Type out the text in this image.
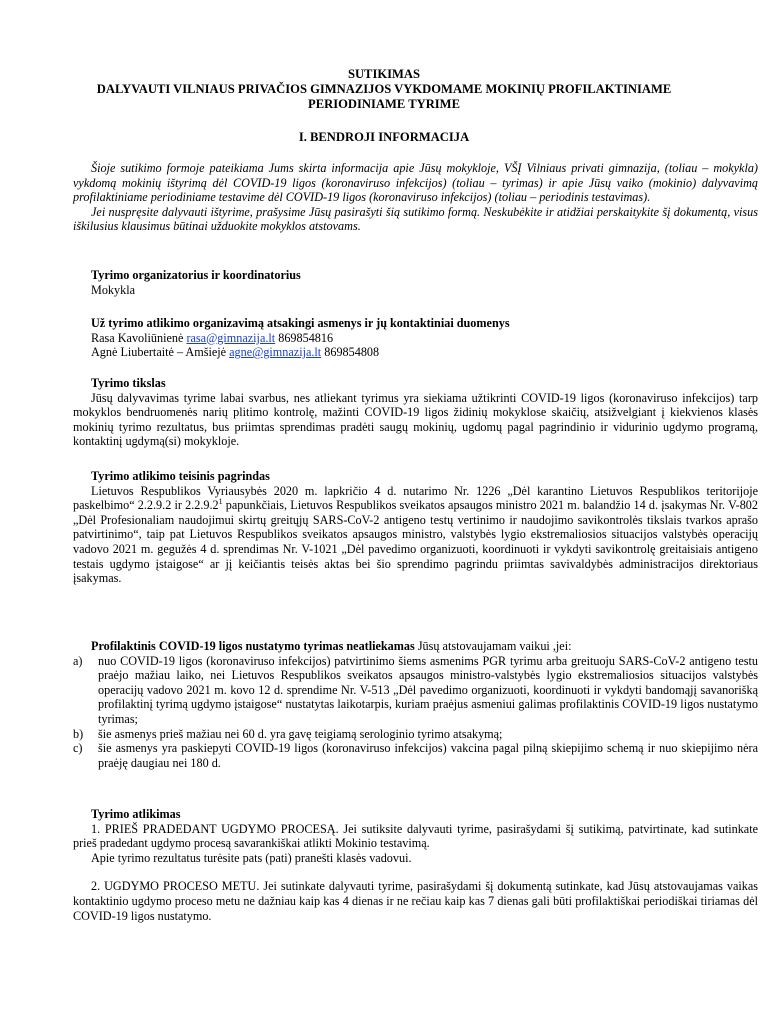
SUTIKIMAS
DALYVAUTI VILNIAUS PRIVAČIOS GIMNAZIJOS VYKDOMAME MOKINIŲ PROFILAKTINIAME
PERIODINIAME TYRIME
I. BENDROJI INFORMACIJA

Šioje sutikimo formoje pateikiama Jums skirta informacija apie Jūsų mokykloje, VŠĮ Vilniaus privati gimnazija, (toliau – mokykla) vykdomą mokinių ištyrimą dėl COVID-19 ligos (koronaviruso infekcijos) (toliau – tyrimas) ir apie Jūsų vaiko (mokinio) dalyvavimą profilaktiniame periodiniame testavime dėl COVID-19 ligos (koronaviruso infekcijos) (toliau – periodinis testavimas).

Jei nuspręsite dalyvauti ištyrime, prašysime Jūsų pasirašyti šią sutikimo formą. Neskubėkite ir atidžiai perskaitykite šį dokumentą, visus iškilusius klausimus būtinai užduokite mokyklos atstovams.

Tyrimo organizatorius ir koordinatorius

Mokykla

Už tyrimo atlikimo organizavimą atsakingi asmenys ir jų kontaktiniai duomenys

Rasa Kavoliūnienė rasa@gimnazija.lt 869854816

Agnė Liubertaitė – Amšiejė agne@gimnazija.lt 869854808

Tyrimo tikslas

Jūsų dalyvavimas tyrime labai svarbus, nes atliekant tyrimus yra siekiama užtikrinti COVID-19 ligos (koronaviruso infekcijos) tarp mokyklos bendruomenės narių plitimo kontrolę, mažinti COVID-19 ligos židinių mokyklose skaičių, atsižvelgiant į kiekvienos klasės mokinių tyrimo rezultatus, bus priimtas sprendimas pradėti saugų mokinių, ugdomų pagal pagrindinio ir vidurinio ugdymo programą, kontaktinį ugdymą(si) mokykloje.

Tyrimo atlikimo teisinis pagrindas

Lietuvos Respublikos Vyriausybės 2020 m. lapkričio 4 d. nutarimo Nr. 1226 „Dėl karantino Lietuvos Respublikos teritorijoje paskelbimo“ 2.2.9.2 ir 2.2.9.2$^1$ papunkčiais, Lietuvos Respublikos sveikatos apsaugos ministro 2021 m. balandžio 14 d. įsakymas Nr. V-802 „Dėl Profesionaliam naudojimui skirtų greitųjų SARS-CoV-2 antigeno testų vertinimo ir naudojimo savikontrolės tikslais tvarkos aprašo patvirtinimo“, taip pat Lietuvos Respublikos sveikatos apsaugos ministro, valstybės lygio ekstremaliosios situacijos valstybės operacijų vadovo 2021 m. gegužės 4 d. sprendimas Nr. V-1021 „Dėl pavedimo organizuoti, koordinuoti ir vykdyti savikontrolę greitaisiais antigeno testais ugdymo įstaigose“ ar jį keičiantis teisės aktas bei šio sprendimo pagrindu priimtas savivaldybės administracijos direktoriaus įsakymas.

Profilaktinis COVID-19 ligos nustatymo tyrimas neatliekamas Jūsų atstovaujamam vaikui ,jei:

a) nuo COVID-19 ligos (koronaviruso infekcijos) patvirtinimo šiems asmenims PGR tyrimu arba greituoju SARS-CoV-2 antigeno testu praėjo mažiau laiko, nei Lietuvos Respublikos sveikatos apsaugos ministro-valstybės lygio ekstremaliosios situacijos valstybės operacijų vadovo 2021 m. kovo 12 d. sprendime Nr. V-513 „Dėl pavedimo organizuoti, koordinuoti ir vykdyti bandomąjį savanorišką profilaktinį tyrimą ugdymo įstaigose“ nustatytas laikotarpis, kuriam praėjus asmeniui galimas profilaktinis COVID-19 ligos nustatymo tyrimas;
b) šie asmenys prieš mažiau nei 60 d. yra gavę teigiamą serologinio tyrimo atsakymą;
c) šie asmenys yra paskiepyti COVID-19 ligos (koronaviruso infekcijos) vakcina pagal pilną skiepijimo schemą ir nuo skiepijimo nėra praėję daugiau nei 180 d.

Tyrimo atlikimas

1. PRIEŠ PRADEDANT UGDYMO PROCESĄ. Jei sutiksite dalyvauti tyrime, pasirašydami šį sutikimą, patvirtinate, kad sutinkate prieš pradedant ugdymo procesą savarankiškai atlikti Mokinio testavimą.

Apie tyrimo rezultatus turėsite pats (pati) pranešti klasės vadovui.

2. UGDYMO PROCESO METU. Jei sutinkate dalyvauti tyrime, pasirašydami šį dokumentą sutinkate, kad Jūsų atstovaujamas vaikas kontaktinio ugdymo proceso metu ne dažniau kaip kas 4 dienas ir ne rečiau kaip kas 7 dienas gali būti profilaktiškai periodiškai tiriamas dėl COVID-19 ligos nustatymo.
